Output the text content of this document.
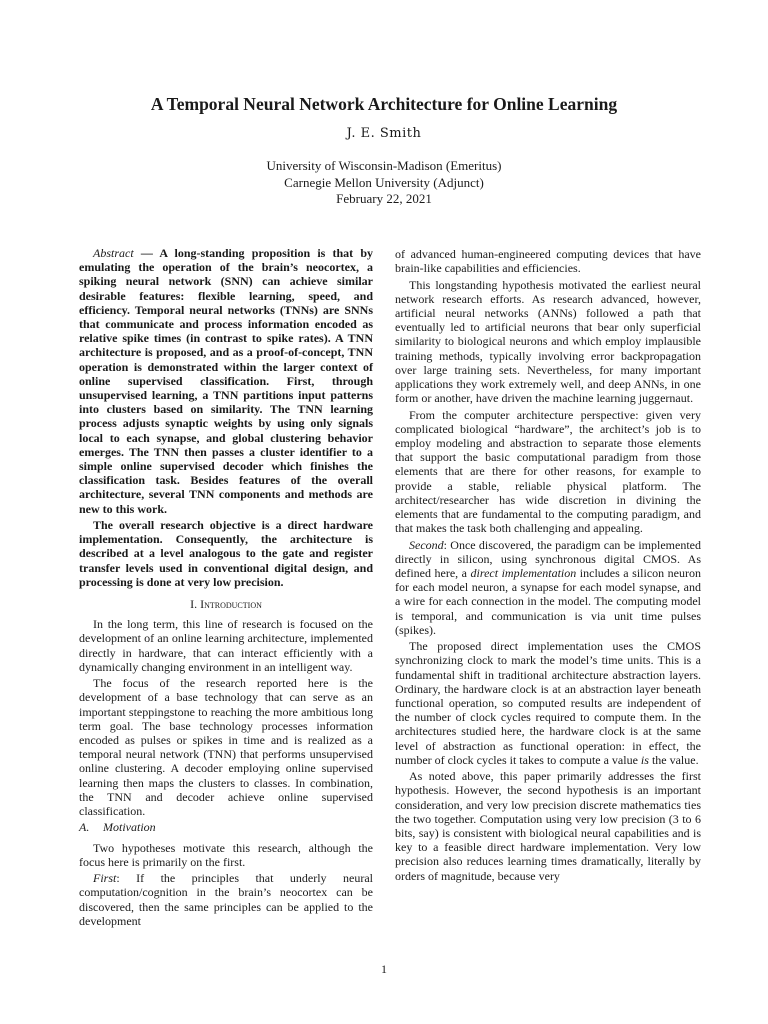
A Temporal Neural Network Architecture for Online Learning
J. E. Smith
University of Wisconsin-Madison (Emeritus)
Carnegie Mellon University (Adjunct)
February 22, 2021

Abstract — A long-standing proposition is that by emulating the operation of the brain’s neocortex, a spiking neural network (SNN) can achieve similar desirable features: flexible learning, speed, and efficiency. Temporal neural networks (TNNs) are SNNs that communicate and process information encoded as relative spike times (in contrast to spike rates). A TNN architecture is proposed, and as a proof-of-concept, TNN operation is demonstrated within the larger context of online supervised classification. First, through unsupervised learning, a TNN partitions input patterns into clusters based on similarity. The TNN learning process adjusts synaptic weights by using only signals local to each synapse, and global clustering behavior emerges. The TNN then passes a cluster identifier to a simple online supervised decoder which finishes the classification task. Besides features of the overall architecture, several TNN components and methods are new to this work.

The overall research objective is a direct hardware implementation. Consequently, the architecture is described at a level analogous to the gate and register transfer levels used in conventional digital design, and processing is done at very low precision.

I. Introduction

In the long term, this line of research is focused on the development of an online learning architecture, implemented directly in hardware, that can interact efficiently with a dynamically changing environment in an intelligent way.

The focus of the research reported here is the development of a base technology that can serve as an important steppingstone to reaching the more ambitious long term goal. The base technology processes information encoded as pulses or spikes in time and is realized as a temporal neural network (TNN) that performs unsupervised online clustering. A decoder employing online supervised learning then maps the clusters to classes. In combination, the TNN and decoder achieve online supervised classification.

A. Motivation

Two hypotheses motivate this research, although the focus here is primarily on the first.

First: If the principles that underly neural computation/cognition in the brain’s neocortex can be discovered, then the same principles can be applied to the development

of advanced human-engineered computing devices that have brain-like capabilities and efficiencies.

This longstanding hypothesis motivated the earliest neural network research efforts. As research advanced, however, artificial neural networks (ANNs) followed a path that eventually led to artificial neurons that bear only superficial similarity to biological neurons and which employ implausible training methods, typically involving error backpropagation over large training sets. Nevertheless, for many important applications they work extremely well, and deep ANNs, in one form or another, have driven the machine learning juggernaut.

From the computer architecture perspective: given very complicated biological “hardware”, the architect’s job is to employ modeling and abstraction to separate those elements that support the basic computational paradigm from those elements that are there for other reasons, for example to provide a stable, reliable physical platform. The architect/researcher has wide discretion in divining the elements that are fundamental to the computing paradigm, and that makes the task both challenging and appealing.

Second: Once discovered, the paradigm can be implemented directly in silicon, using synchronous digital CMOS. As defined here, a direct implementation includes a silicon neuron for each model neuron, a synapse for each model synapse, and a wire for each connection in the model. The computing model is temporal, and communication is via unit time pulses (spikes).

The proposed direct implementation uses the CMOS synchronizing clock to mark the model’s time units. This is a fundamental shift in traditional architecture abstraction layers. Ordinary, the hardware clock is at an abstraction layer beneath functional operation, so computed results are independent of the number of clock cycles required to compute them. In the architectures studied here, the hardware clock is at the same level of abstraction as functional operation: in effect, the number of clock cycles it takes to compute a value is the value.

As noted above, this paper primarily addresses the first hypothesis. However, the second hypothesis is an important consideration, and very low precision discrete mathematics ties the two together. Computation using very low precision (3 to 6 bits, say) is consistent with biological neural capabilities and is key to a feasible direct hardware implementation. Very low precision also reduces learning times dramatically, literally by orders of magnitude, because very

1
